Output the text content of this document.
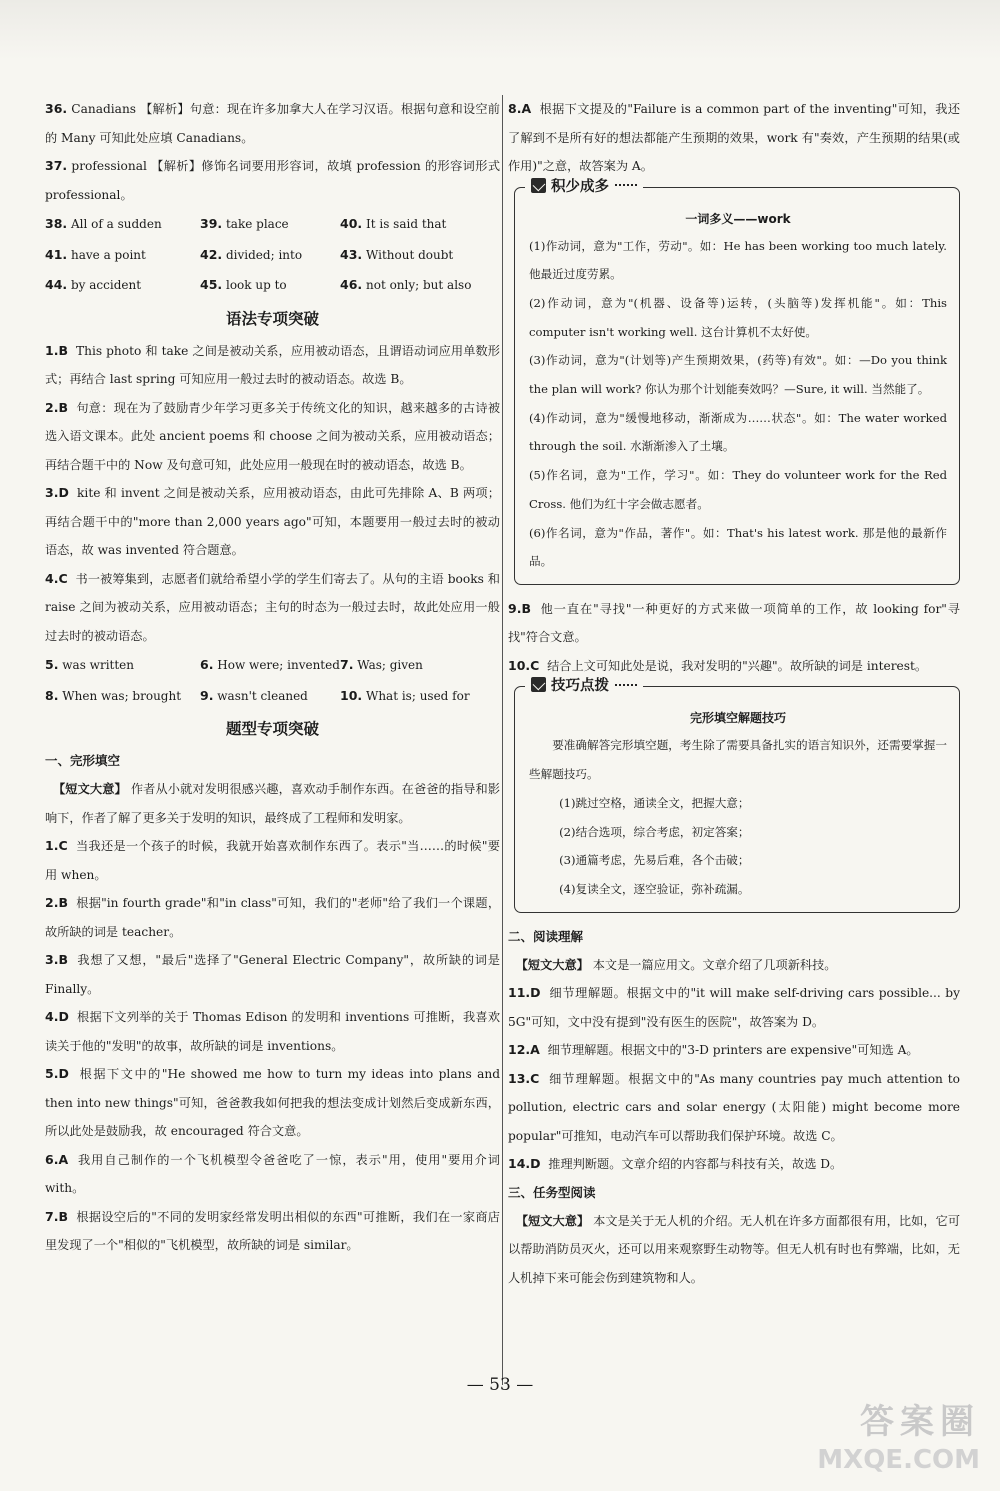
36. Canadians 【解析】句意：现在许多加拿大人在学习汉语。根据句意和设空前的 Many 可知此处应填 Canadians。

37. professional 【解析】修饰名词要用形容词，故填 profession 的形容词形式 professional。

38. All of a sudden	39. take place	40. It is said that
41. have a point	42. divided; into	43. Without doubt
44. by accident	45. look up to	46. not only; but also
语法专项突破

1.B This photo 和 take 之间是被动关系，应用被动语态，且谓语动词应用单数形式；再结合 last spring 可知应用一般过去时的被动语态。故选 B。

2.B 句意：现在为了鼓励青少年学习更多关于传统文化的知识，越来越多的古诗被选入语文课本。此处 ancient poems 和 choose 之间为被动关系，应用被动语态；再结合题干中的 Now 及句意可知，此处应用一般现在时的被动语态，故选 B。

3.D kite 和 invent 之间是被动关系，应用被动语态，由此可先排除 A、B 两项；再结合题干中的"more than 2,000 years ago"可知，本题要用一般过去时的被动语态，故 was invented 符合题意。

4.C 书一被筹集到，志愿者们就给希望小学的学生们寄去了。从句的主语 books 和 raise 之间为被动关系，应用被动语态；主句的时态为一般过去时，故此处应用一般过去时的被动语态。

5. was written	6. How were; invented 7. Was; given
8. When was; brought	9. wasn't cleaned	10. What is; used for
题型专项突破

一、完形填空

【短文大意】 作者从小就对发明很感兴趣，喜欢动手制作东西。在爸爸的指导和影响下，作者了解了更多关于发明的知识，最终成了工程师和发明家。

1.C 当我还是一个孩子的时候，我就开始喜欢制作东西了。表示"当……的时候"要用 when。

2.B 根据"in fourth grade"和"in class"可知，我们的"老师"给了我们一个课题，故所缺的词是 teacher。

3.B 我想了又想，"最后"选择了"General Electric Company"，故所缺的词是 Finally。

4.D 根据下文列举的关于 Thomas Edison 的发明和 inventions 可推断，我喜欢读关于他的"发明"的故事，故所缺的词是 inventions。

5.D 根据下文中的"He showed me how to turn my ideas into plans and then into new things"可知，爸爸教我如何把我的想法变成计划然后变成新东西，所以此处是鼓励我，故 encouraged 符合文意。

6.A 我用自己制作的一个飞机模型令爸爸吃了一惊，表示"用，使用"要用介词 with。

7.B 根据设空后的"不同的发明家经常发明出相似的东西"可推断，我们在一家商店里发现了一个"相似的"飞机模型，故所缺的词是 similar。

8.A 根据下文提及的"Failure is a common part of the inventing"可知，我还了解到不是所有好的想法都能产生预期的效果，work 有"奏效，产生预期的结果(或作用)"之意，故答案为 A。

积少成多

一词多义——work

(1)作动词，意为"工作，劳动"。如：He has been working too much lately. 他最近过度劳累。

(2)作动词，意为"(机器、设备等)运转，(头脑等)发挥机能"。如：This computer isn't working well. 这台计算机不太好使。

(3)作动词，意为"(计划等)产生预期效果，(药等)有效"。如：—Do you think the plan will work? 你认为那个计划能奏效吗？—Sure, it will. 当然能了。

(4)作动词，意为"缓慢地移动，渐渐成为……状态"。如：The water worked through the soil. 水渐渐渗入了土壤。

(5)作名词，意为"工作，学习"。如：They do volunteer work for the Red Cross. 他们为红十字会做志愿者。

(6)作名词，意为"作品，著作"。如：That's his latest work. 那是他的最新作品。

9.B 他一直在"寻找"一种更好的方式来做一项简单的工作，故 looking for"寻找"符合文意。

10.C 结合上文可知此处是说，我对发明的"兴趣"。故所缺的词是 interest。

技巧点拨

完形填空解题技巧

要准确解答完形填空题，考生除了需要具备扎实的语言知识外，还需要掌握一些解题技巧。

(1)跳过空格，通读全文，把握大意；

(2)结合选项，综合考虑，初定答案；

(3)通篇考虑，先易后难，各个击破；

(4)复读全文，逐空验证，弥补疏漏。

二、阅读理解

【短文大意】 本文是一篇应用文。文章介绍了几项新科技。

11.D 细节理解题。根据文中的"it will make self-driving cars possible... by 5G"可知，文中没有提到"没有医生的医院"，故答案为 D。

12.A 细节理解题。根据文中的"3-D printers are expensive"可知选 A。

13.C 细节理解题。根据文中的"As many countries pay much attention to pollution, electric cars and solar energy (太阳能) might become more popular"可推知，电动汽车可以帮助我们保护环境。故选 C。

14.D 推理判断题。文章介绍的内容都与科技有关，故选 D。

三、任务型阅读

【短文大意】 本文是关于无人机的介绍。无人机在许多方面都很有用，比如，它可以帮助消防员灭火，还可以用来观察野生动物等。但无人机有时也有弊端，比如，无人机掉下来可能会伤到建筑物和人。

— 53 —
答案圈
MXQE.COM
